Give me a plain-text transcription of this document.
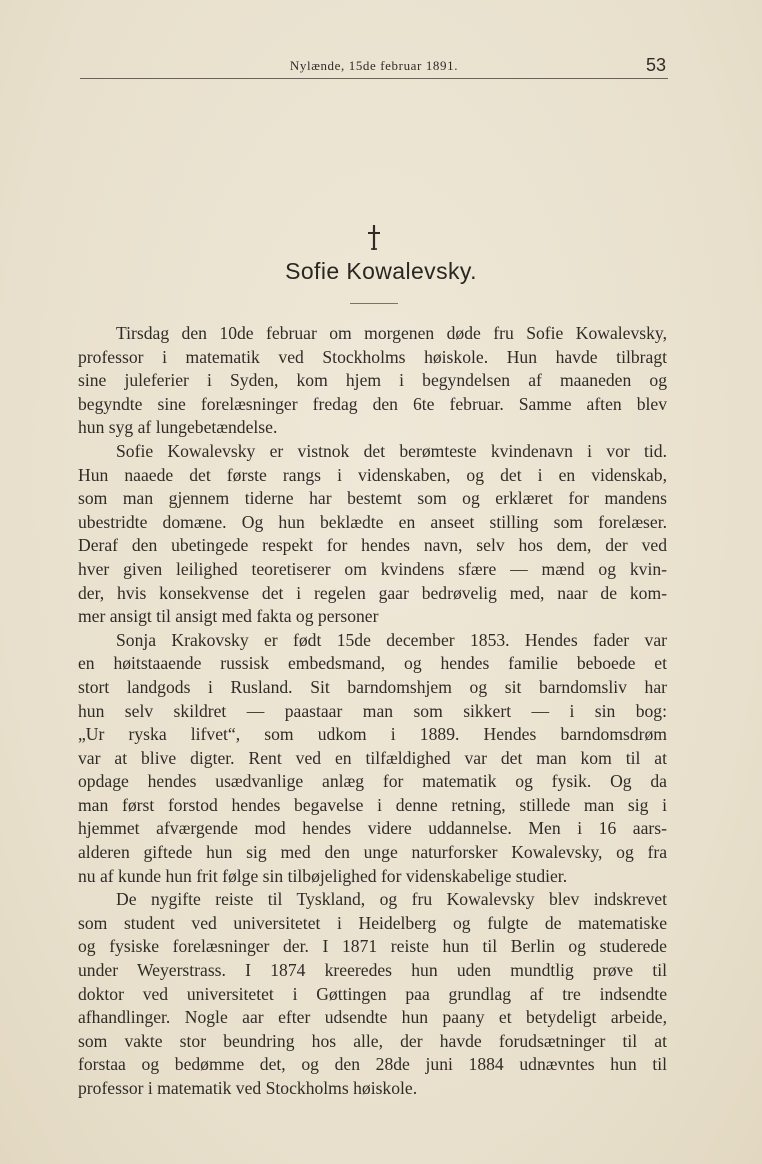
Nylænde, 15de februar 1891.	53
Sofie Kowalevsky.
Tirsdag den 10de februar om morgenen døde fru Sofie Kowalevsky,
professor i matematik ved Stockholms høiskole. Hun havde tilbragt
sine juleferier i Syden, kom hjem i begyndelsen af maaneden og
begyndte sine forelæsninger fredag den 6te februar. Samme aften blev
hun syg af lungebetændelse.
Sofie Kowalevsky er vistnok det berømteste kvindenavn i vor tid.
Hun naaede det første rangs i videnskaben, og det i en videnskab,
som man gjennem tiderne har bestemt som og erklæret for mandens
ubestridte domæne. Og hun beklædte en anseet stilling som forelæser.
Deraf den ubetingede respekt for hendes navn, selv hos dem, der ved
hver given leilighed teoretiserer om kvindens sfære — mænd og kvin-
der, hvis konsekvense det i regelen gaar bedrøvelig med, naar de kom-
mer ansigt til ansigt med fakta og personer
Sonja Krakovsky er født 15de december 1853. Hendes fader var
en høitstaaende russisk embedsmand, og hendes familie beboede et
stort landgods i Rusland. Sit barndomshjem og sit barndomsliv har
hun selv skildret — paastaar man som sikkert — i sin bog:
„Ur ryska lifvet“, som udkom i 1889. Hendes barndomsdrøm
var at blive digter. Rent ved en tilfældighed var det man kom til at
opdage hendes usædvanlige anlæg for matematik og fysik. Og da
man først forstod hendes begavelse i denne retning, stillede man sig i
hjemmet afværgende mod hendes videre uddannelse. Men i 16 aars-
alderen giftede hun sig med den unge naturforsker Kowalevsky, og fra
nu af kunde hun frit følge sin tilbøjelighed for videnskabelige studier.
De nygifte reiste til Tyskland, og fru Kowalevsky blev indskrevet
som student ved universitetet i Heidelberg og fulgte de matematiske
og fysiske forelæsninger der. I 1871 reiste hun til Berlin og studerede
under Weyerstrass. I 1874 kreeredes hun uden mundtlig prøve til
doktor ved universitetet i Gøttingen paa grundlag af tre indsendte
afhandlinger. Nogle aar efter udsendte hun paany et betydeligt arbeide,
som vakte stor beundring hos alle, der havde forudsætninger til at
forstaa og bedømme det, og den 28de juni 1884 udnævntes hun til
professor i matematik ved Stockholms høiskole.
